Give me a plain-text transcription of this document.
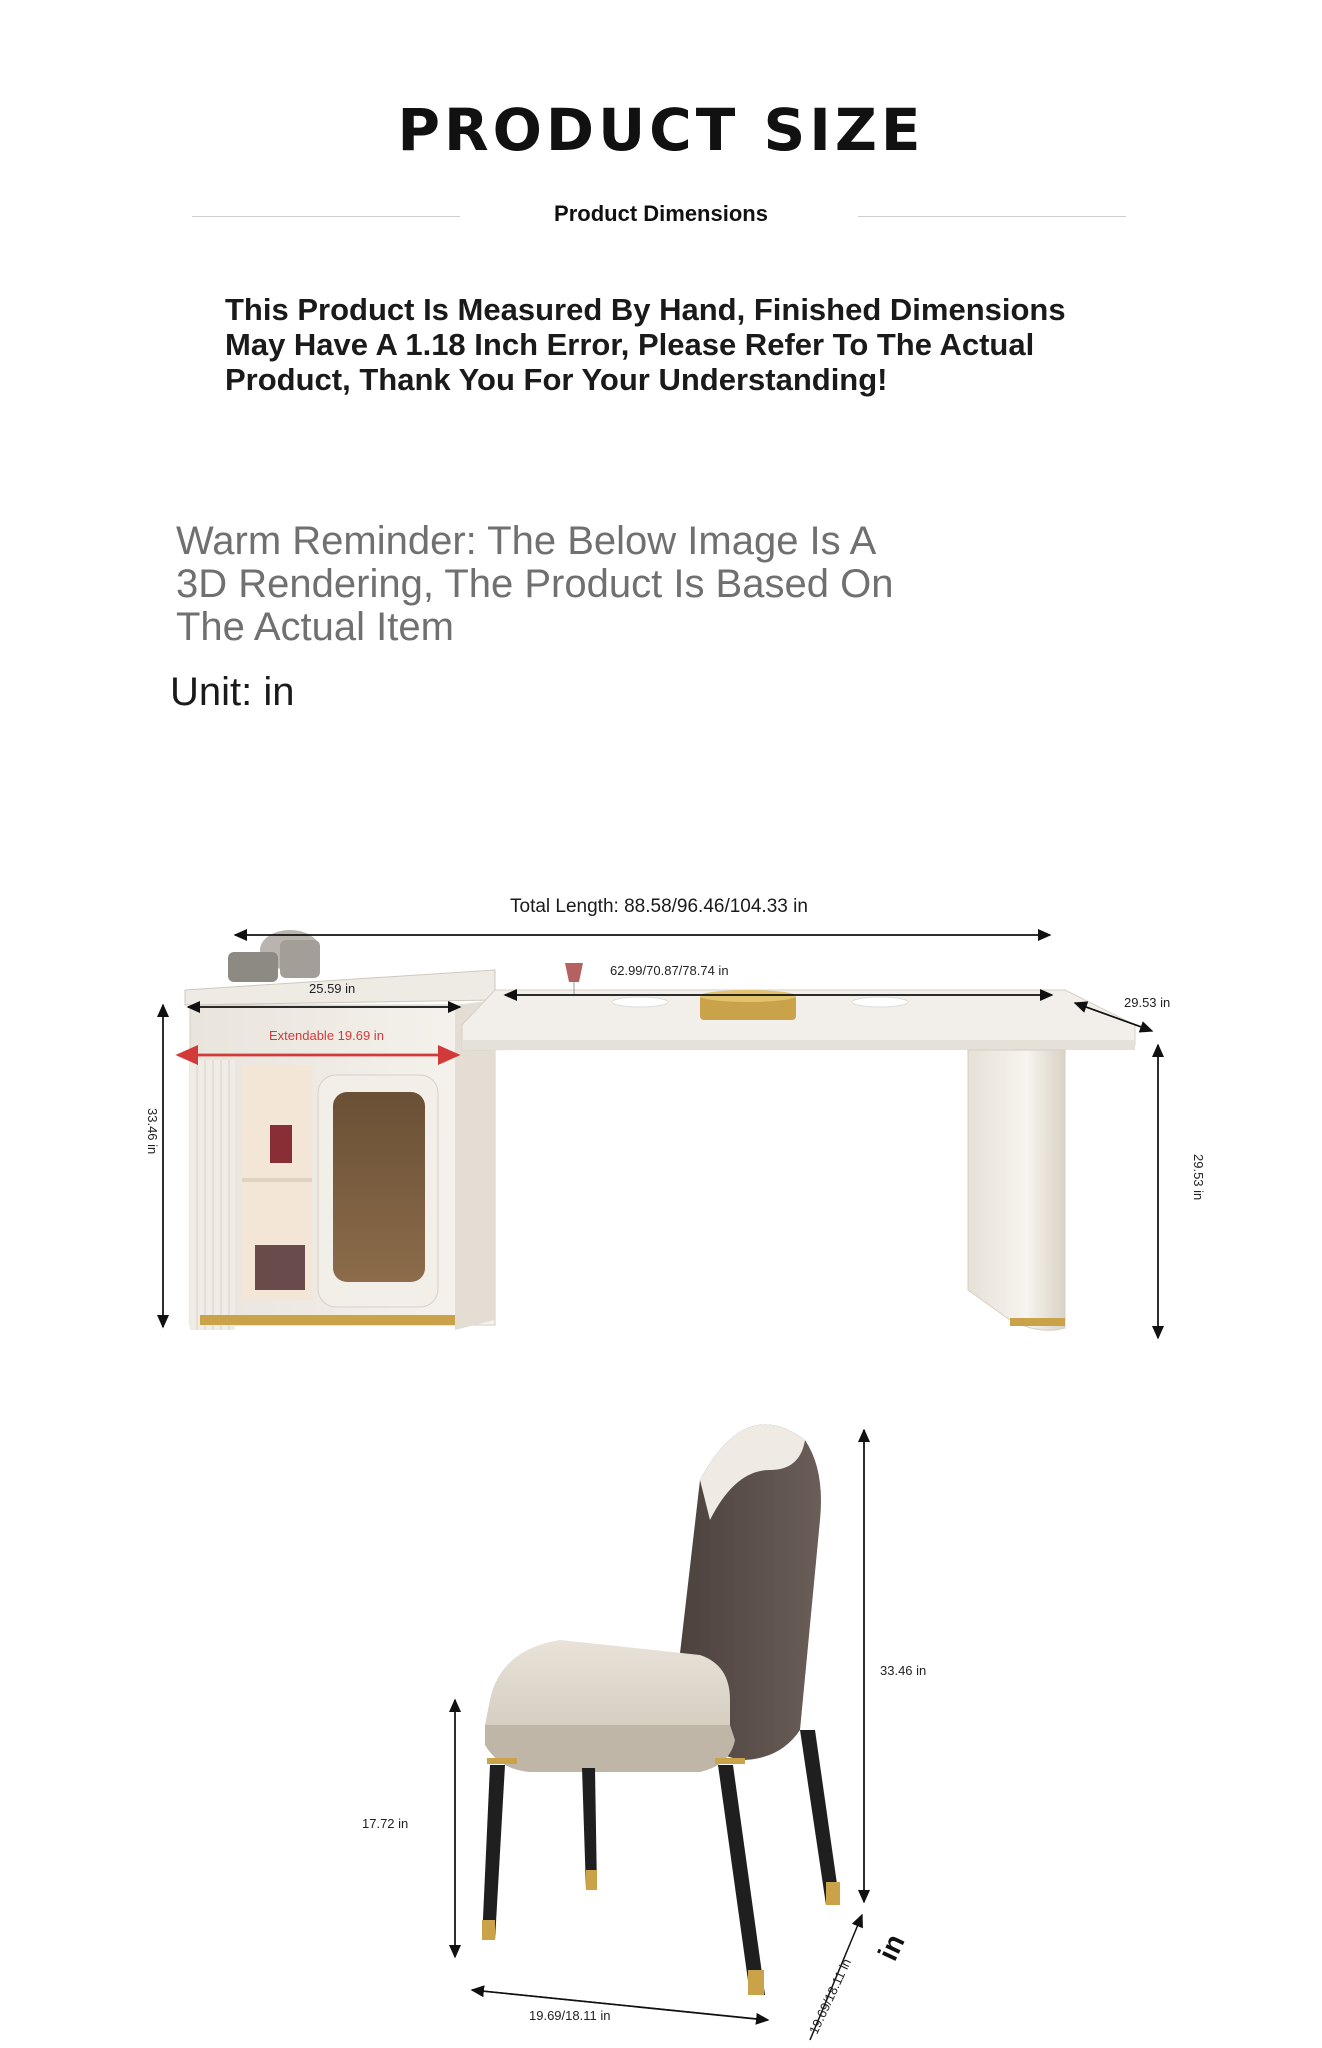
PRODUCT SIZE
Product Dimensions
This Product Is Measured By Hand, Finished Dimensions May Have A 1.18 Inch Error, Please Refer To The Actual Product, Thank You For Your Understanding!
Warm Reminder: The Below Image Is A 3D Rendering, The Product Is Based On The Actual Item
Unit: in
Total Length: 88.58/96.46/104.33 in
25.59 in
62.99/70.87/78.74 in
29.53 in
Extendable 19.69 in
33.46 in
29.53 in
33.46 in
17.72 in
19.69/18.11 in	19.69/18.11 in
in
